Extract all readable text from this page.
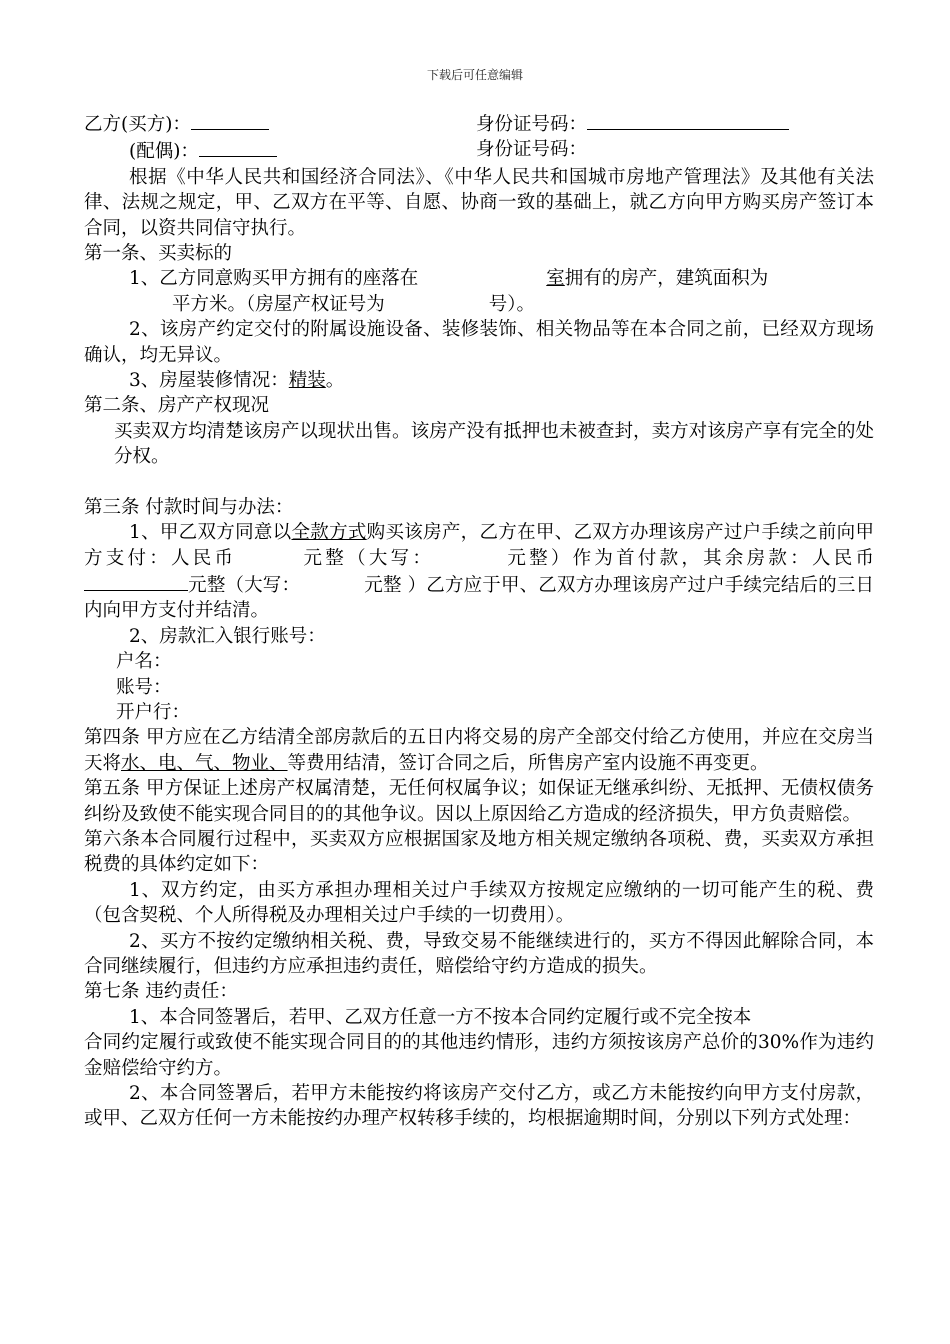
下载后可任意编辑
乙方(买方)：	身份证号码：
(配偶)：	身份证号码：

根据《中华人民共和国经济合同法》、《中华人民共和国城市房地产管理法》及其他有关法律、法规之规定，甲、乙双方在平等、自愿、协商一致的基础上，就乙方向甲方购买房产签订本合同，以资共同信守执行。

第一条、买卖标的

1、乙方同意购买甲方拥有的座落在	室拥有的房产，建筑面积为
平方米。（房屋产权证号为	号）。

2、该房产约定交付的附属设施设备、装修装饰、相关物品等在本合同之前，已经双方现场确认，均无异议。

3、房屋装修情况：精装。

第二条、房产产权现况

买卖双方均清楚该房产以现状出售。该房产没有抵押也未被查封，卖方对该房产享有完全的处分权。

第三条 付款时间与办法：

1、甲乙双方同意以全款方式购买该房产，乙方在甲、乙双方办理该房产过户手续之前向甲方支付：人民币	元整（大写：	元整）作为首付款，其余房款：人民币元整（大写：	元整 ）乙方应于甲、乙双方办理该房产过户手续完结后的三日内向甲方支付并结清。

2、房款汇入银行账号：

户名：

账号：

开户行：

第四条 甲方应在乙方结清全部房款后的五日内将交易的房产全部交付给乙方使用，并应在交房当天将水、电、气、物业、等费用结清，签订合同之后，所售房产室内设施不再变更。

第五条 甲方保证上述房产权属清楚，无任何权属争议；如保证无继承纠纷、无抵押、无债权债务纠纷及致使不能实现合同目的的其他争议。因以上原因给乙方造成的经济损失，甲方负责赔偿。

第六条本合同履行过程中，买卖双方应根据国家及地方相关规定缴纳各项税、费，买卖双方承担税费的具体约定如下：

1、双方约定，由买方承担办理相关过户手续双方按规定应缴纳的一切可能产生的税、费（包含契税、个人所得税及办理相关过户手续的一切费用）。

2、买方不按约定缴纳相关税、费，导致交易不能继续进行的，买方不得因此解除合同，本合同继续履行，但违约方应承担违约责任，赔偿给守约方造成的损失。

第七条 违约责任：

1、本合同签署后，若甲、乙双方任意一方不按本合同约定履行或不完全按本

合同约定履行或致使不能实现合同目的的其他违约情形，违约方须按该房产总价的30%作为违约金赔偿给守约方。

2、本合同签署后，若甲方未能按约将该房产交付乙方，或乙方未能按约向甲方支付房款，或甲、乙双方任何一方未能按约办理产权转移手续的，均根据逾期时间，分别以下列方式处理：
